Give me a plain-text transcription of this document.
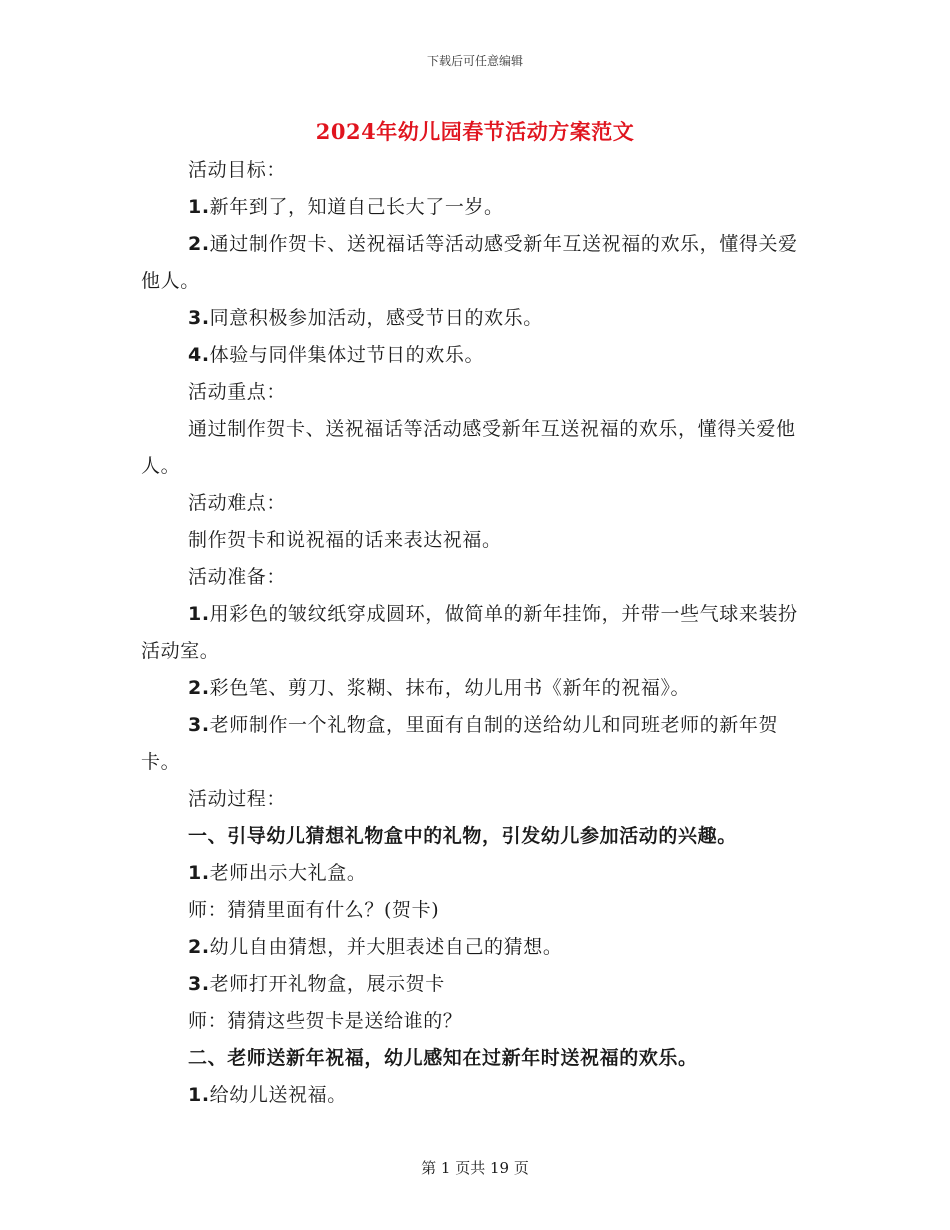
下载后可任意编辑
2024年幼儿园春节活动方案范文

活动目标：

1.新年到了，知道自己长大了一岁。

2.通过制作贺卡、送祝福话等活动感受新年互送祝福的欢乐，懂得关爱他人。

3.同意积极参加活动，感受节日的欢乐。

4.体验与同伴集体过节日的欢乐。

活动重点：

通过制作贺卡、送祝福话等活动感受新年互送祝福的欢乐，懂得关爱他人。

活动难点：

制作贺卡和说祝福的话来表达祝福。

活动准备：

1.用彩色的皱纹纸穿成圆环，做简单的新年挂饰，并带一些气球来装扮活动室。

2.彩色笔、剪刀、浆糊、抹布，幼儿用书《新年的祝福》。

3.老师制作一个礼物盒，里面有自制的送给幼儿和同班老师的新年贺卡。

活动过程：

一、引导幼儿猜想礼物盒中的礼物，引发幼儿参加活动的兴趣。

1.老师出示大礼盒。

师：猜猜里面有什么？(贺卡)

2.幼儿自由猜想，并大胆表述自己的猜想。

3.老师打开礼物盒，展示贺卡

师：猜猜这些贺卡是送给谁的？

二、老师送新年祝福，幼儿感知在过新年时送祝福的欢乐。

1.给幼儿送祝福。

第 1 页共 19 页
